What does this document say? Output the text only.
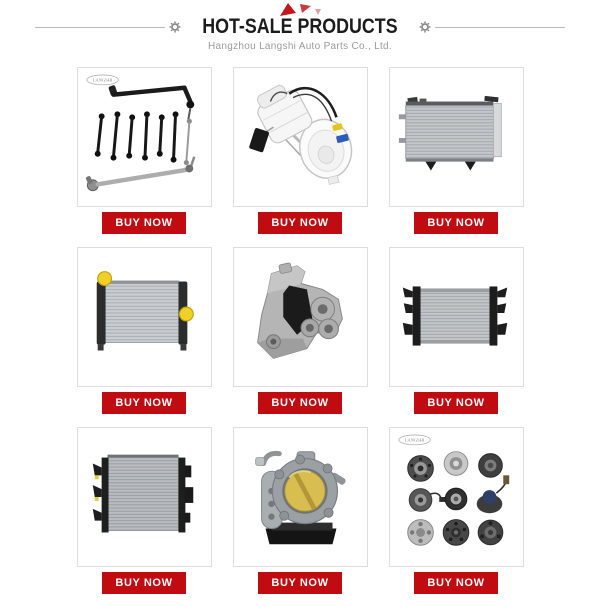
HOT-SALE PRODUCTS
Hangzhou Langshi Auto Parts Co., Ltd.
LANGSHI
BUY NOW	BUY NOW	BUY NOW
BUY NOW	BUY NOW	BUY NOW
BUY NOW	BUY NOW
LANGSHI
BUY NOW
